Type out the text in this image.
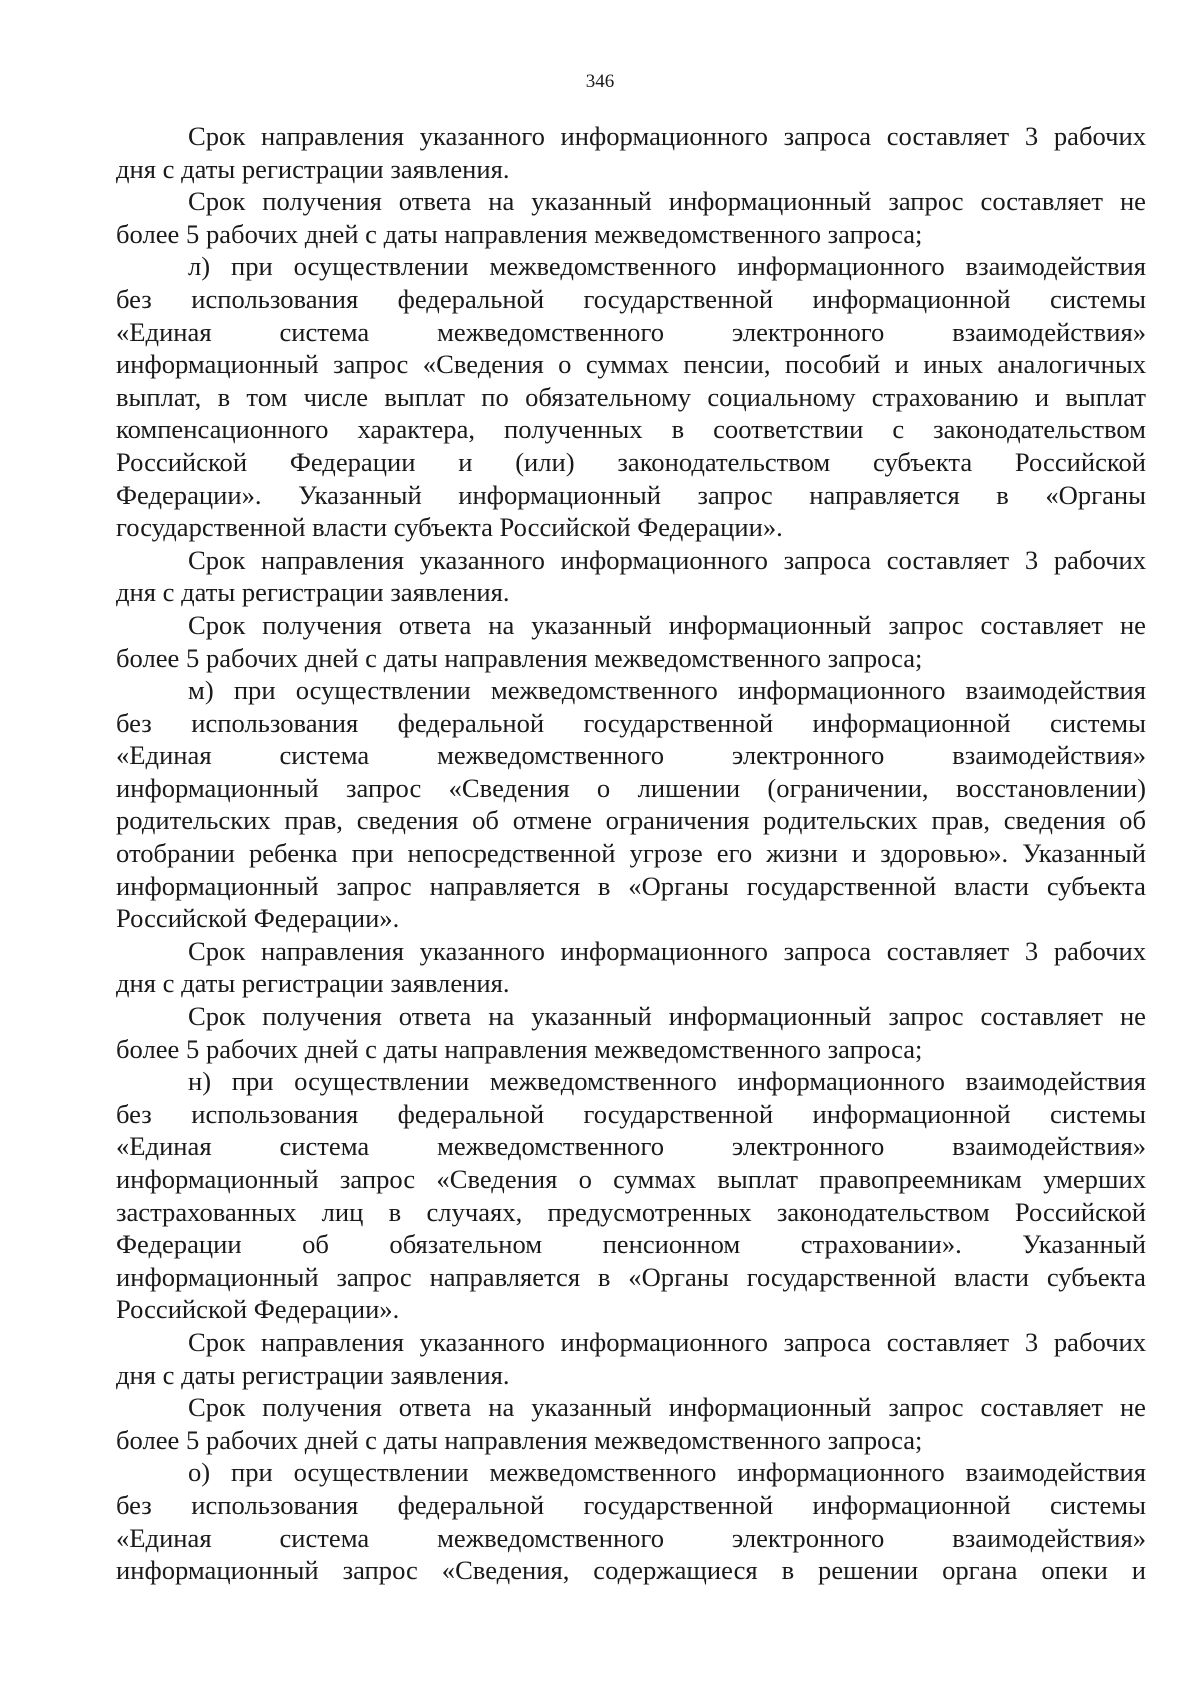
346
Срок направления указанного информационного запроса составляет 3 рабочих
дня с даты регистрации заявления.
Срок получения ответа на указанный информационный запрос составляет не
более 5 рабочих дней с даты направления межведомственного запроса;
л) при осуществлении межведомственного информационного взаимодействия
без использования федеральной государственной информационной системы
«Единая система межведомственного электронного взаимодействия»
информационный запрос «Сведения о суммах пенсии, пособий и иных аналогичных
выплат, в том числе выплат по обязательному социальному страхованию и выплат
компенсационного характера, полученных в соответствии с законодательством
Российской Федерации и (или) законодательством субъекта Российской
Федерации». Указанный информационный запрос направляется в «Органы
государственной власти субъекта Российской Федерации».
Срок направления указанного информационного запроса составляет 3 рабочих
дня с даты регистрации заявления.
Срок получения ответа на указанный информационный запрос составляет не
более 5 рабочих дней с даты направления межведомственного запроса;
м) при осуществлении межведомственного информационного взаимодействия
без использования федеральной государственной информационной системы
«Единая система межведомственного электронного взаимодействия»
информационный запрос «Сведения о лишении (ограничении, восстановлении)
родительских прав, сведения об отмене ограничения родительских прав, сведения об
отобрании ребенка при непосредственной угрозе его жизни и здоровью». Указанный
информационный запрос направляется в «Органы государственной власти субъекта
Российской Федерации».
Срок направления указанного информационного запроса составляет 3 рабочих
дня с даты регистрации заявления.
Срок получения ответа на указанный информационный запрос составляет не
более 5 рабочих дней с даты направления межведомственного запроса;
н) при осуществлении межведомственного информационного взаимодействия
без использования федеральной государственной информационной системы
«Единая система межведомственного электронного взаимодействия»
информационный запрос «Сведения о суммах выплат правопреемникам умерших
застрахованных лиц в случаях, предусмотренных законодательством Российской
Федерации об обязательном пенсионном страховании». Указанный
информационный запрос направляется в «Органы государственной власти субъекта
Российской Федерации».
Срок направления указанного информационного запроса составляет 3 рабочих
дня с даты регистрации заявления.
Срок получения ответа на указанный информационный запрос составляет не
более 5 рабочих дней с даты направления межведомственного запроса;
о) при осуществлении межведомственного информационного взаимодействия
без использования федеральной государственной информационной системы
«Единая система межведомственного электронного взаимодействия»
информационный запрос «Сведения, содержащиеся в решении органа опеки и
